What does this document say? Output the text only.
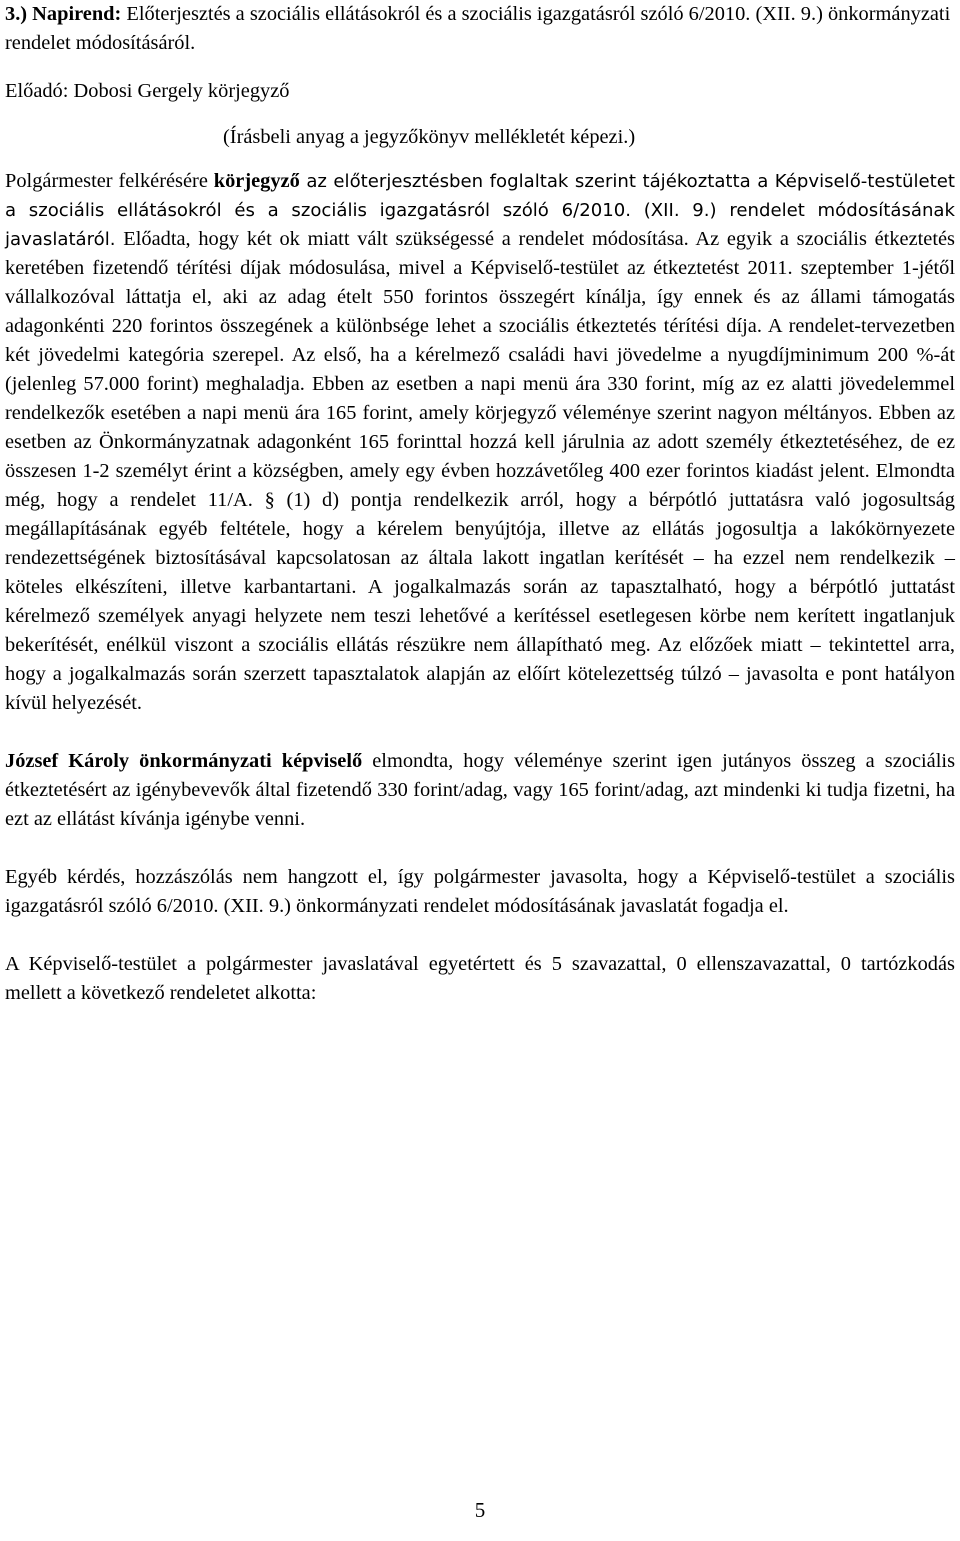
3.) Napirend: Előterjesztés a szociális ellátásokról és a szociális igazgatásról szóló 6/2010. (XII. 9.) önkormányzati rendelet módosításáról.

Előadó: Dobosi Gergely körjegyző

(Írásbeli anyag a jegyzőkönyv mellékletét képezi.)

Polgármester felkérésére körjegyző az előterjesztésben foglaltak szerint tájékoztatta a Képviselő-testületet a szociális ellátásokról és a szociális igazgatásról szóló 6/2010. (XII. 9.) rendelet módosításának javaslatáról. Előadta, hogy két ok miatt vált szükségessé a rendelet módosítása. Az egyik a szociális étkeztetés keretében fizetendő térítési díjak módosulása, mivel a Képviselő-testület az étkeztetést 2011. szeptember 1-jétől vállalkozóval láttatja el, aki az adag ételt 550 forintos összegért kínálja, így ennek és az állami támogatás adagonkénti 220 forintos összegének a különbsége lehet a szociális étkeztetés térítési díja. A rendelet-tervezetben két jövedelmi kategória szerepel. Az első, ha a kérelmező családi havi jövedelme a nyugdíjminimum 200 %-át (jelenleg 57.000 forint) meghaladja. Ebben az esetben a napi menü ára 330 forint, míg az ez alatti jövedelemmel rendelkezők esetében a napi menü ára 165 forint, amely körjegyző véleménye szerint nagyon méltányos. Ebben az esetben az Önkormányzatnak adagonként 165 forinttal hozzá kell járulnia az adott személy étkeztetéséhez, de ez összesen 1-2 személyt érint a községben, amely egy évben hozzávetőleg 400 ezer forintos kiadást jelent. Elmondta még, hogy a rendelet 11/A. § (1) d) pontja rendelkezik arról, hogy a bérpótló juttatásra való jogosultság megállapításának egyéb feltétele, hogy a kérelem benyújtója, illetve az ellátás jogosultja a lakókörnyezete rendezettségének biztosításával kapcsolatosan az általa lakott ingatlan kerítését – ha ezzel nem rendelkezik – köteles elkészíteni, illetve karbantartani. A jogalkalmazás során az tapasztalható, hogy a bérpótló juttatást kérelmező személyek anyagi helyzete nem teszi lehetővé a kerítéssel esetlegesen körbe nem kerített ingatlanjuk bekerítését, enélkül viszont a szociális ellátás részükre nem állapítható meg. Az előzőek miatt – tekintettel arra, hogy a jogalkalmazás során szerzett tapasztalatok alapján az előírt kötelezettség túlzó – javasolta e pont hatályon kívül helyezését.

József Károly önkormányzati képviselő elmondta, hogy véleménye szerint igen jutányos összeg a szociális étkeztetésért az igénybevevők által fizetendő 330 forint/adag, vagy 165 forint/adag, azt mindenki ki tudja fizetni, ha ezt az ellátást kívánja igénybe venni.

Egyéb kérdés, hozzászólás nem hangzott el, így polgármester javasolta, hogy a Képviselő-testület a szociális igazgatásról szóló 6/2010. (XII. 9.) önkormányzati rendelet módosításának javaslatát fogadja el.

A Képviselő-testület a polgármester javaslatával egyetértett és 5 szavazattal, 0 ellenszavazattal, 0 tartózkodás mellett a következő rendeletet alkotta:

5
